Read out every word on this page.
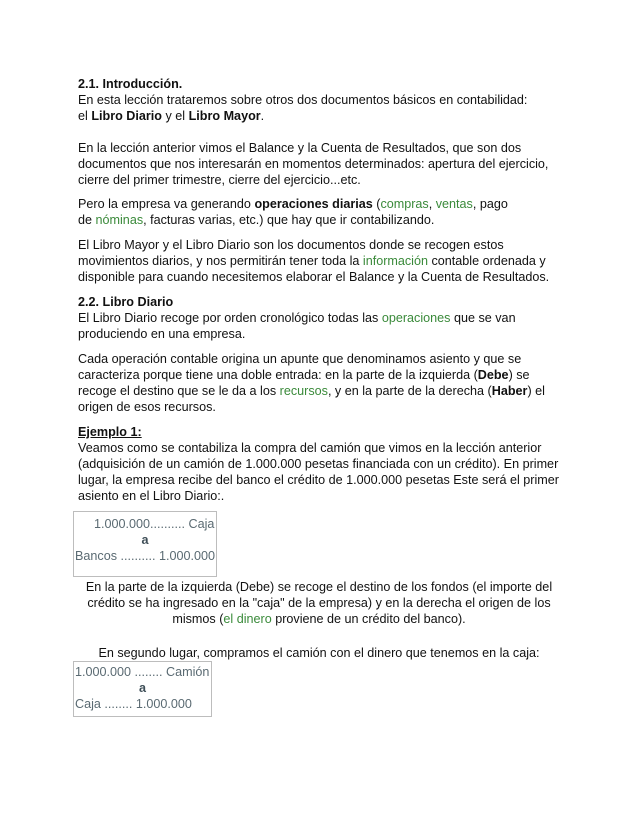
2.1. Introducción.
En esta lección trataremos sobre otros dos documentos básicos en contabilidad:
el Libro Diario y el Libro Mayor.
En la lección anterior vimos el Balance y la Cuenta de Resultados, que son dos
documentos que nos interesarán en momentos determinados: apertura del ejercicio,
cierre del primer trimestre, cierre del ejercicio...etc.
Pero la empresa va generando operaciones diarias (compras, ventas, pago
de nóminas, facturas varias, etc.) que hay que ir contabilizando.
El Libro Mayor y el Libro Diario son los documentos donde se recogen estos
movimientos diarios, y nos permitirán tener toda la información contable ordenada y
disponible para cuando necesitemos elaborar el Balance y la Cuenta de Resultados.
2.2. Libro Diario
El Libro Diario recoge por orden cronológico todas las operaciones que se van
produciendo en una empresa.
Cada operación contable origina un apunte que denominamos asiento y que se
caracteriza porque tiene una doble entrada: en la parte de la izquierda (Debe) se
recoge el destino que se le da a los recursos, y en la parte de la derecha (Haber) el
origen de esos recursos.
Ejemplo 1:
Veamos como se contabiliza la compra del camión que vimos en la lección anterior
(adquisición de un camión de 1.000.000 pesetas financiada con un crédito). En primer
lugar, la empresa recibe del banco el crédito de 1.000.000 pesetas Este será el primer
asiento en el Libro Diario:.
1.000.000.......... Caja
a
Bancos .......... 1.000.000
En la parte de la izquierda (Debe) se recoge el destino de los fondos (el importe del
crédito se ha ingresado en la "caja" de la empresa) y en la derecha el origen de los
mismos (el dinero proviene de un crédito del banco).
En segundo lugar, compramos el camión con el dinero que tenemos en la caja:
1.000.000 ........ Camión
a
Caja ........ 1.000.000
